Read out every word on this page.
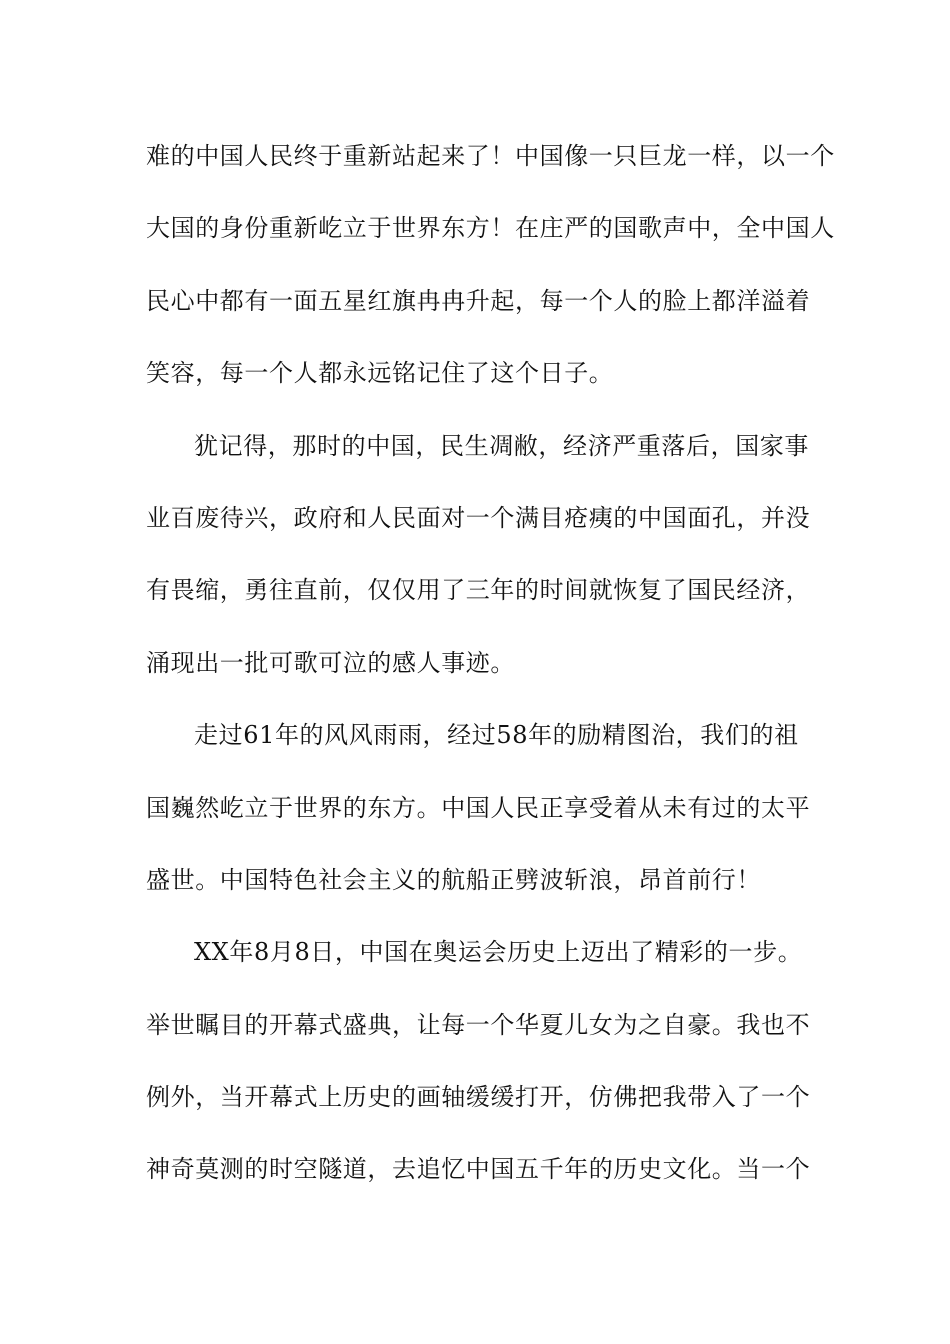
难的中国人民终于重新站起来了！中国像一只巨龙一样，以一个
大国的身份重新屹立于世界东方！在庄严的国歌声中，全中国人
民心中都有一面五星红旗冉冉升起，每一个人的脸上都洋溢着
笑容，每一个人都永远铭记住了这个日子。
犹记得，那时的中国，民生凋敝，经济严重落后，国家事
业百废待兴，政府和人民面对一个满目疮痍的中国面孔，并没
有畏缩，勇往直前，仅仅用了三年的时间就恢复了国民经济，
涌现出一批可歌可泣的感人事迹。
走过61年的风风雨雨，经过58年的励精图治，我们的祖
国巍然屹立于世界的东方。中国人民正享受着从未有过的太平
盛世。中国特色社会主义的航船正劈波斩浪，昂首前行！
XX年8月8日，中国在奥运会历史上迈出了精彩的一步。
举世瞩目的开幕式盛典，让每一个华夏儿女为之自豪。我也不
例外，当开幕式上历史的画轴缓缓打开，仿佛把我带入了一个
神奇莫测的时空隧道，去追忆中国五千年的历史文化。当一个
